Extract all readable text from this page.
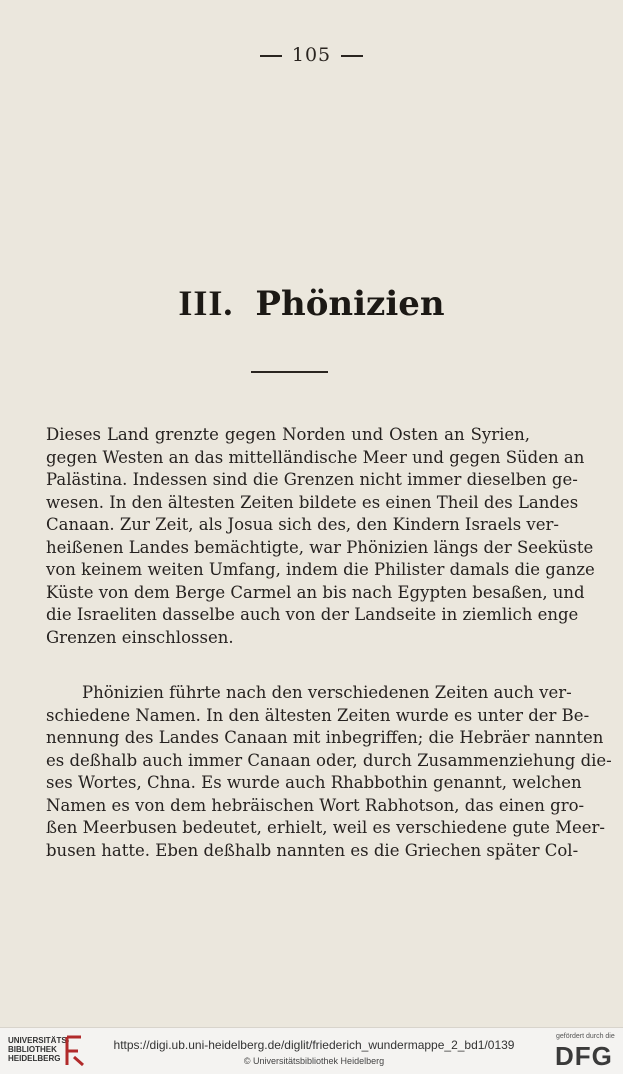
105
III. Phönizien
Dieses Land grenzte gegen Norden und Osten an Syrien,
gegen Westen an das mittelländische Meer und gegen Süden an
Palästina. Indessen sind die Grenzen nicht immer dieselben ge-
wesen. In den ältesten Zeiten bildete es einen Theil des Landes
Canaan. Zur Zeit, als Josua sich des, den Kindern Israels ver-
heißenen Landes bemächtigte, war Phönizien längs der Seeküste
von keinem weiten Umfang, indem die Philister damals die ganze
Küste von dem Berge Carmel an bis nach Egypten besaßen, und
die Israeliten dasselbe auch von der Landseite in ziemlich enge
Grenzen einschlossen.
Phönizien führte nach den verschiedenen Zeiten auch ver-
schiedene Namen. In den ältesten Zeiten wurde es unter der Be-
nennung des Landes Canaan mit inbegriffen; die Hebräer nannten
es deßhalb auch immer Canaan oder, durch Zusammenziehung die-
ses Wortes, Chna. Es wurde auch Rhabbothin genannt, welchen
Namen es von dem hebräischen Wort Rabhotson, das einen gro-
ßen Meerbusen bedeutet, erhielt, weil es verschiedene gute Meer-
busen hatte. Eben deßhalb nannten es die Griechen später Col-
UNIVERSITÄTS-
BIBLIOTHEK
HEIDELBERG
https://digi.ub.uni-heidelberg.de/diglit/friederich_wundermappe_2_bd1/0139
© Universitätsbibliothek Heidelberg
gefördert durch die
DFG
